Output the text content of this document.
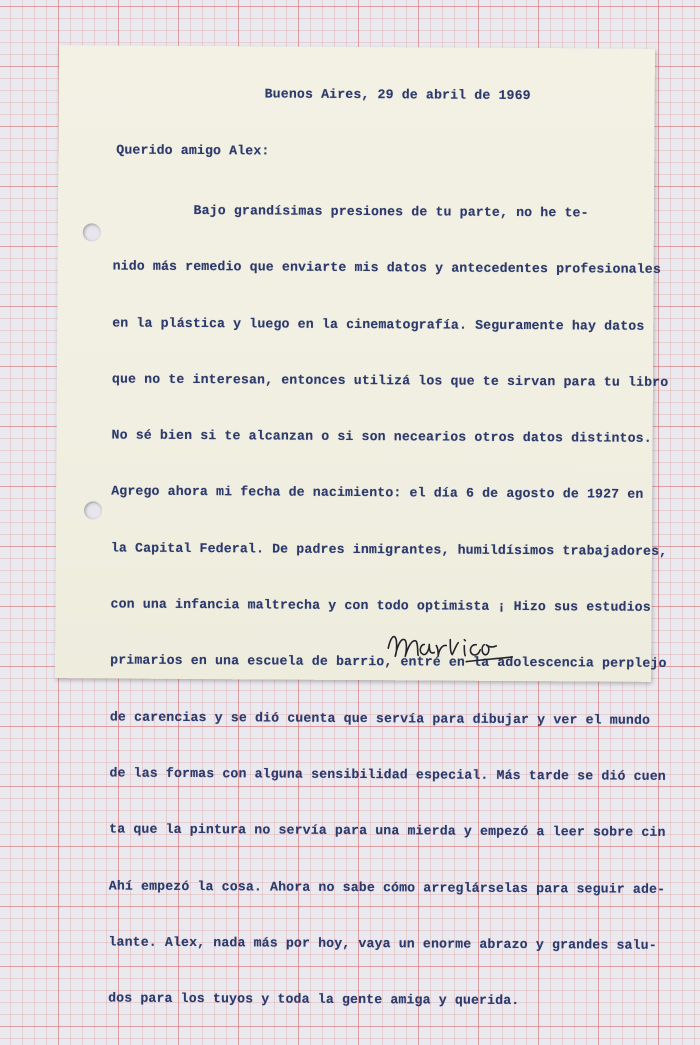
Buenos Aires, 29 de abril de 1969
Querido amigo Alex:

Bajo grandísimas presiones de tu parte, no he te-

nido más remedio que enviarte mis datos y antecedentes profesionales

en la plástica y luego en la cinematografía. Seguramente hay datos

que no te interesan, entonces utilizá los que te sirvan para tu libro

No sé bien si te alcanzan o si son necearios otros datos distintos.

Agrego ahora mi fecha de nacimiento: el día 6 de agosto de 1927 en

la Capital Federal. De padres inmigrantes, humildísimos trabajadores,

con una infancia maltrecha y con todo optimista ¡ Hizo sus estudios

primarios en una escuela de barrio, entré en la adolescencia perplejo

de carencias y se dió cuenta que servía para dibujar y ver el mundo

de las formas con alguna sensibilidad especial. Más tarde se dió cuen

ta que la pintura no servía para una mierda y empezó a leer sobre cin

Ahí empezó la cosa. Ahora no sabe cómo arreglárselas para seguir ade-

lante. Alex, nada más por hoy, vaya un enorme abrazo y grandes salu-

dos para los tuyos y toda la gente amiga y querida.
